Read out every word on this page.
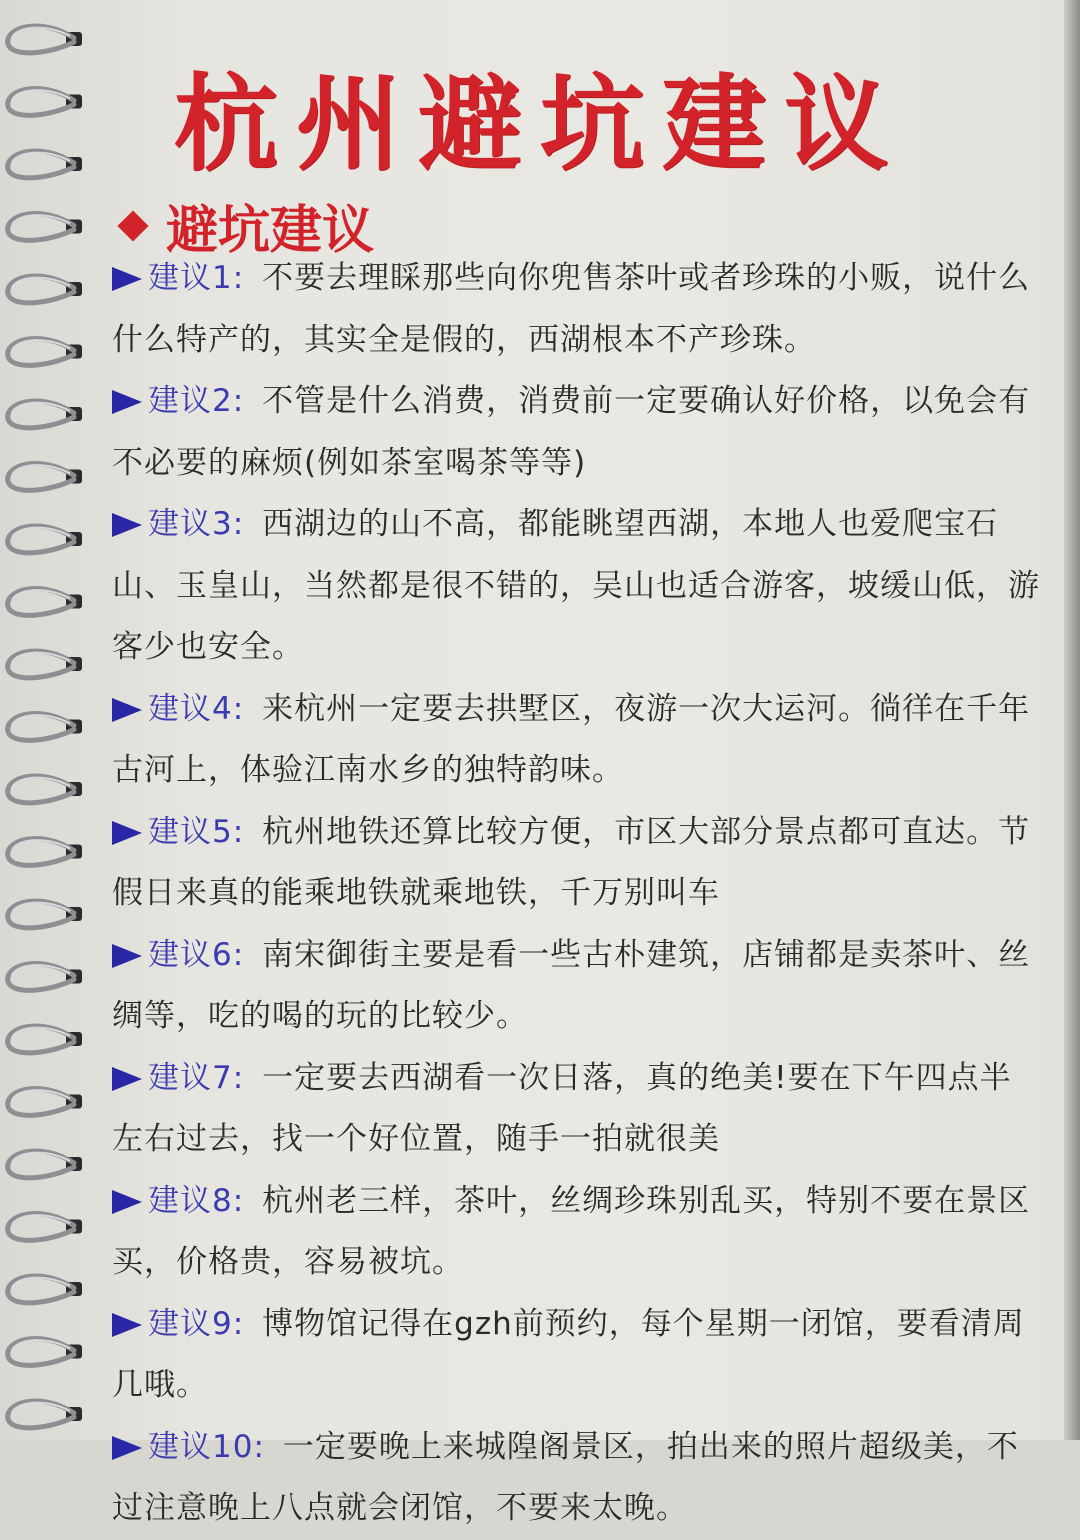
杭州避坑建议
避坑建议
建议1: 不要去理睬那些向你兜售茶叶或者珍珠的小贩，说什么什么特产的，其实全是假的，西湖根本不产珍珠。
建议2: 不管是什么消费，消费前一定要确认好价格，以免会有不必要的麻烦(例如茶室喝茶等等)
建议3: 西湖边的山不高，都能眺望西湖，本地人也爱爬宝石山、玉皇山，当然都是很不错的，吴山也适合游客，坡缓山低，游客少也安全。
建议4: 来杭州一定要去拱墅区，夜游一次大运河。徜徉在千年古河上，体验江南水乡的独特韵味。
建议5: 杭州地铁还算比较方便，市区大部分景点都可直达。节假日来真的能乘地铁就乘地铁，千万别叫车
建议6: 南宋御街主要是看一些古朴建筑，店铺都是卖茶叶、丝绸等，吃的喝的玩的比较少。
建议7: 一定要去西湖看一次日落，真的绝美!要在下午四点半左右过去，找一个好位置，随手一拍就很美
建议8: 杭州老三样，茶叶，丝绸珍珠别乱买，特别不要在景区买，价格贵，容易被坑。
建议9: 博物馆记得在gzh前预约，每个星期一闭馆，要看清周几哦。
建议10: 一定要晚上来城隍阁景区，拍出来的照片超级美，不过注意晚上八点就会闭馆，不要来太晚。
